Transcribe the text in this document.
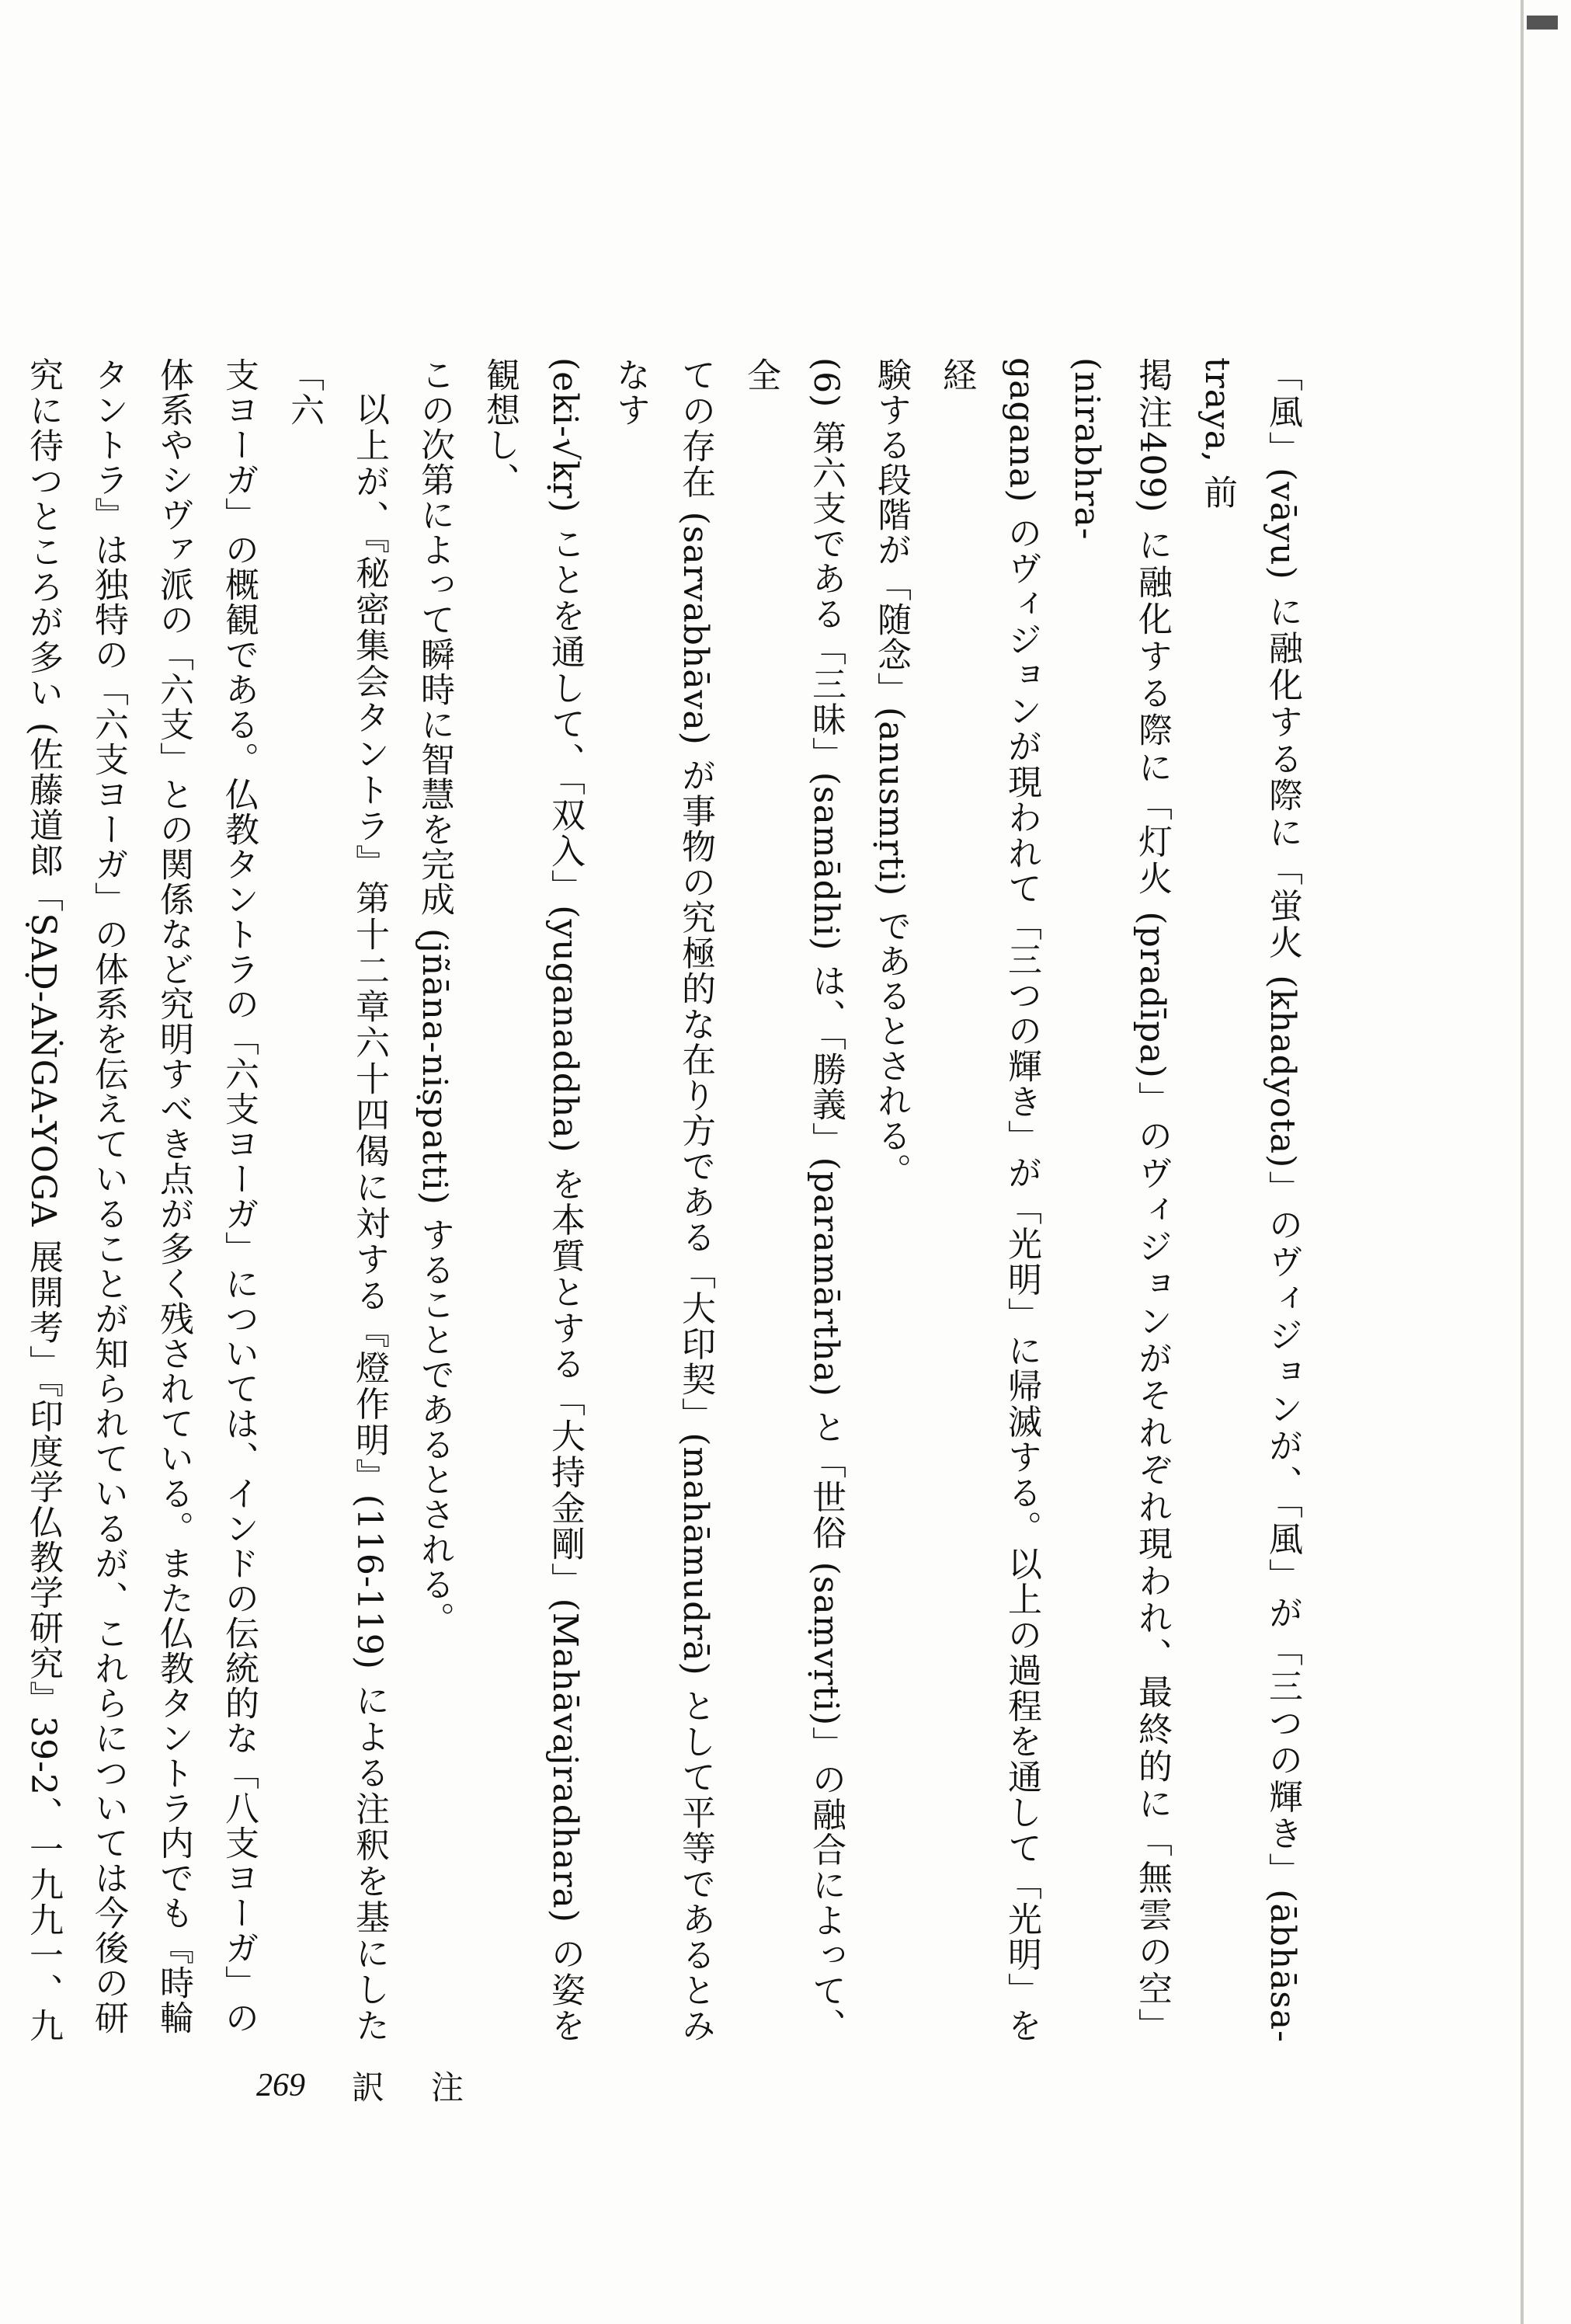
「風」(vāyu) に融化する際に「蛍火 (khadyota)」のヴィジョンが、「風」が「三つの輝き」(ābhāsa-traya, 前

掲注409) に融化する際に「灯火 (pradīpa)」のヴィジョンがそれぞれ現われ、最終的に「無雲の空」(nirabhra-

gagana) のヴィジョンが現われて「三つの輝き」が「光明」に帰滅する。以上の過程を通して「光明」を経

験する段階が「随念」(anusmṛti) であるとされる。

(6) 第六支である「三昧」(samādhi) は、「勝義」(paramārtha) と「世俗 (saṃvṛti)」の融合によって、全

ての存在 (sarvabhāva) が事物の究極的な在り方である「大印契」(mahāmudrā) として平等であるとみなす

(eki-√kṛ) ことを通して、「双入」(yuganaddha) を本質とする「大持金剛」(Mahāvajradhara) の姿を観想し、

この次第によって瞬時に智慧を完成 (jñāna-niṣpatti) することであるとされる。

以上が、『秘密集会タントラ』第十二章六十四偈に対する『燈作明』(116-119) による注釈を基にした「六

支ヨーガ」の概観である。仏教タントラの「六支ヨーガ」については、インドの伝統的な「八支ヨーガ」の

体系やシヴァ派の「六支」との関係など究明すべき点が多く残されている。また仏教タントラ内でも『時輪

タントラ』は独特の「六支ヨーガ」の体系を伝えていることが知られているが、これらについては今後の研

究に待つところが多い (佐藤道郎「ṢAḌ-AṄGA-YOGA 展開考」『印度学仏教学研究』39-2、一九九一、九

269 訳注
